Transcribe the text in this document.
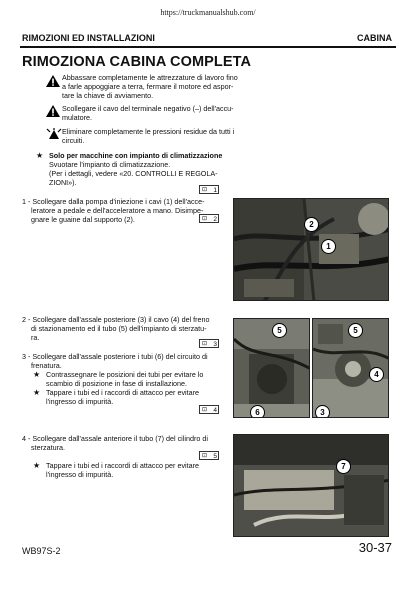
https://truckmanualshub.com/
RIMOZIONI ED INSTALLAZIONI	CABINA
RIMOZIONA CABINA COMPLETA
Abbassare completamente le attrezzature di lavoro fino
a farle appoggiare a terra, fermare il motore ed aspor-
tare la chiave di avviamento.
Scollegare il cavo del terminale negativo (–) dell'accu-
mulatore.
Eliminare completamente le pressioni residue da tutti i
circuiti.
★ Solo per macchine con impianto di climatizzazione
Svuotare l'impianto di climatizzazione.
(Per i dettagli, vedere «20. CONTROLLI E REGOLA-
ZIONI»).
⊡ 1
1 - Scollegare dalla pompa d'iniezione i cavi (1) dell'acce-
leratore a pedale e dell'acceleratore a mano. Disimpe-
gnare le guaine dal supporto (2).	⊡ 2
2
1
2 - Scollegare dall'assale posteriore (3) il cavo (4) del freno
di stazionamento ed il tubo (5) dell'impianto di sterzatu-
ra.
⊡ 3
3 - Scollegare dall'assale posteriore i tubi (6) del circuito di
frenatura.
★ Contrassegnare le posizioni dei tubi per evitare lo
scambio di posizione in fase di installazione.
★ Tappare i tubi ed i raccordi di attacco per evitare
l'ingresso di impurità.
⊡ 4
5
6
5
4
3
4 - Scollegare dall'assale anteriore il tubo (7) del cilindro di
sterzatura.
⊡ 5
★ Tappare i tubi ed i raccordi di attacco per evitare
l'ingresso di impurità.
7
WB97S-2	30-37
